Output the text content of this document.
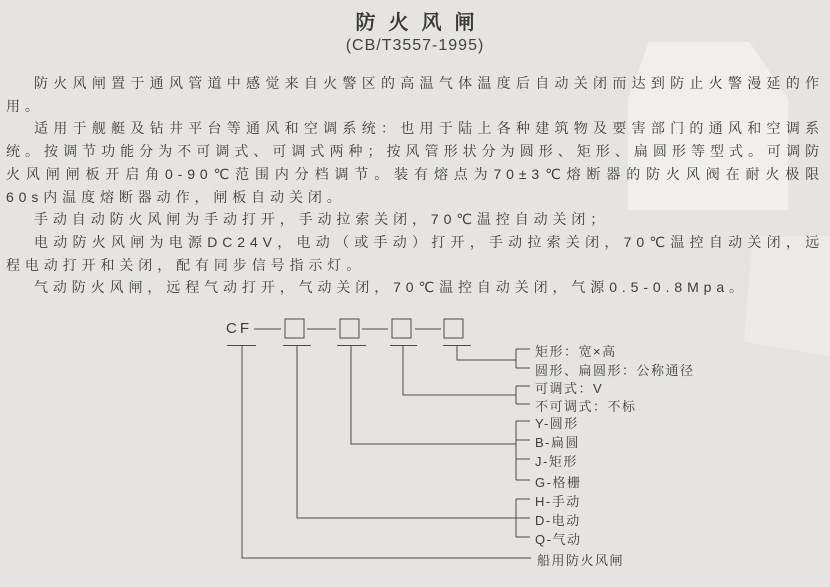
防火风闸
(CB/T3557-1995)

防火风闸置于通风管道中感觉来自火警区的高温气体温度后自动关闭而达到防止火警漫延的作用。

适用于舰艇及钻井平台等通风和空调系统：也用于陆上各种建筑物及要害部门的通风和空调系统。按调节功能分为不可调式、可调式两种；按风管形状分为圆形、矩形、扁圆形等型式。可调防火风闸闸板开启角0-90℃范围内分档调节。装有熔点为70±3℃熔断器的防火风阀在耐火极限60s内温度熔断器动作，闸板自动关闭。

手动自动防火风闸为手动打开，手动拉索关闭，70℃温控自动关闭；

电动防火风闸为电源DC24V，电动（或手动）打开，手动拉索关闭，70℃温控自动关闭，远程电动打开和关闭，配有同步信号指示灯。

气动防火风闸，远程气动打开，气动关闭，70℃温控自动关闭，气源0.5-0.8Mpa。

CF
矩形：宽×高
圆形、扁圆形：公称通径
可调式：V
不可调式：不标
Y-圆形
B-扁圆
J-矩形
G-格栅
H-手动
D-电动
Q-气动
船用防火风闸
